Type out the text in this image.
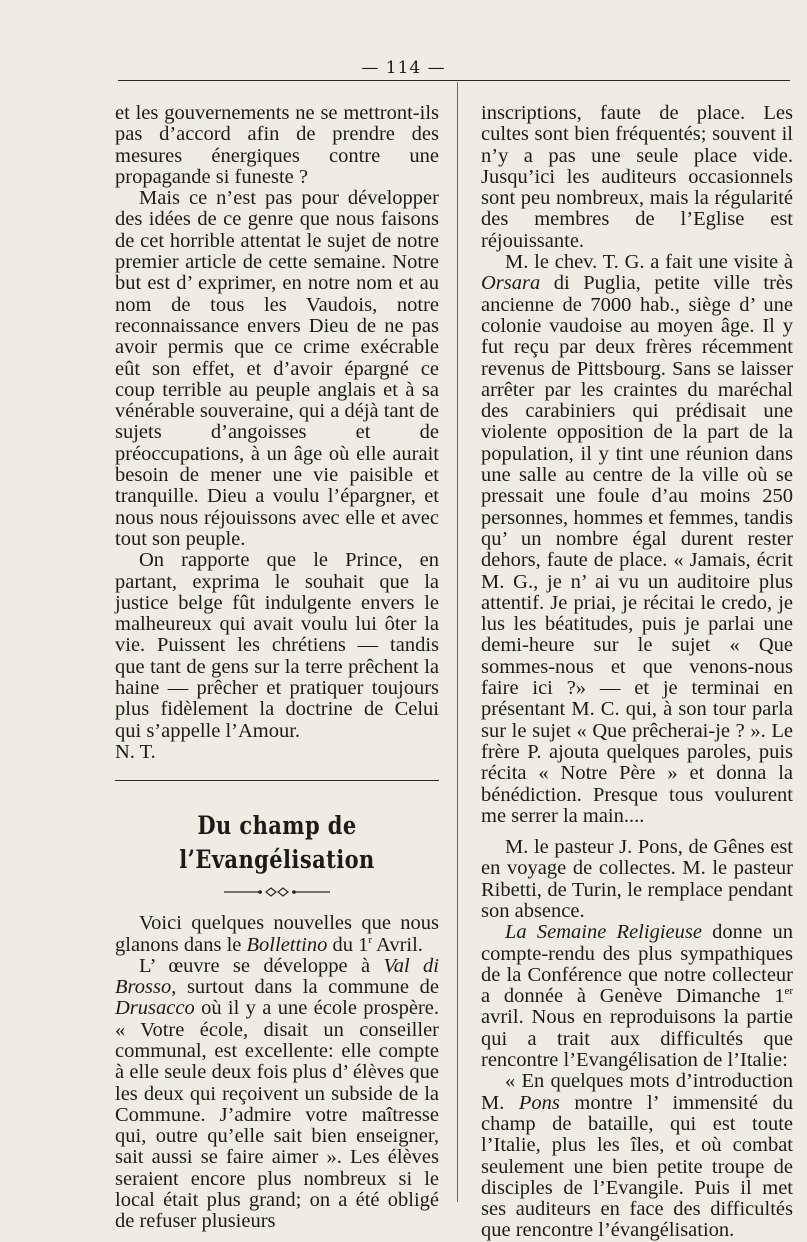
— 114 —

et les gouvernements ne se mettront-ils pas d’accord afin de prendre des mesures énergiques contre une propagande si funeste ?

Mais ce n’est pas pour développer des idées de ce genre que nous faisons de cet horrible attentat le sujet de notre premier article de cette semaine. Notre but est d’ exprimer, en notre nom et au nom de tous les Vaudois, notre reconnaissance envers Dieu de ne pas avoir permis que ce crime exécrable eût son effet, et d’avoir épargné ce coup terrible au peuple anglais et à sa vénérable souveraine, qui a déjà tant de sujets d’angoisses et de préoccupations, à un âge où elle aurait besoin de mener une vie paisible et tranquille. Dieu a voulu l’épargner, et nous nous réjouissons avec elle et avec tout son peuple.

On rapporte que le Prince, en partant, exprima le souhait que la justice belge fût indulgente envers le malheureux qui avait voulu lui ôter la vie. Puissent les chrétiens — tandis que tant de gens sur la terre prêchent la haine — prêcher et pratiquer toujours plus fidèlement la doctrine de Celui qui s’appelle l’Amour.

N. T.

Du champ de l’Evangélisation

Voici quelques nouvelles que nous glanons dans le Bollettino du 1$^r$ Avril.

L’ œuvre se développe à Val di Brosso, surtout dans la commune de Drusacco où il y a une école prospère. « Votre école, disait un conseiller communal, est excellente: elle compte à elle seule deux fois plus d’ élèves que les deux qui reçoivent un subside de la Commune. J’admire votre maîtresse qui, outre qu’elle sait bien enseigner, sait aussi se faire aimer ». Les élèves seraient encore plus nombreux si le local était plus grand; on a été obligé de refuser plusieurs

inscriptions, faute de place. Les cultes sont bien fréquentés; souvent il n’y a pas une seule place vide. Jusqu’ici les auditeurs occasionnels sont peu nombreux, mais la régularité des membres de l’Eglise est réjouissante.

M. le chev. T. G. a fait une visite à Orsara di Puglia, petite ville très ancienne de 7000 hab., siège d’ une colonie vaudoise au moyen âge. Il y fut reçu par deux frères récemment revenus de Pittsbourg. Sans se laisser arrêter par les craintes du maréchal des carabiniers qui prédisait une violente opposition de la part de la population, il y tint une réunion dans une salle au centre de la ville où se pressait une foule d’au moins 250 personnes, hommes et femmes, tandis qu’ un nombre égal durent rester dehors, faute de place. « Jamais, écrit M. G., je n’ ai vu un auditoire plus attentif. Je priai, je récitai le credo, je lus les béatitudes, puis je parlai une demi-heure sur le sujet « Que sommes-nous et que venons-nous faire ici ?» — et je terminai en présentant M. C. qui, à son tour parla sur le sujet « Que prêcherai-je ? ». Le frère P. ajouta quelques paroles, puis récita « Notre Père » et donna la bénédiction. Presque tous voulurent me serrer la main....

M. le pasteur J. Pons, de Gênes est en voyage de collectes. M. le pasteur Ribetti, de Turin, le remplace pendant son absence.

La Semaine Religieuse donne un compte-rendu des plus sympathiques de la Conférence que notre collecteur a donnée à Genève Dimanche 1er avril. Nous en reproduisons la partie qui a trait aux difficultés que rencontre l’Evangélisation de l’Italie:

« En quelques mots d’introduction M. Pons montre l’ immensité du champ de bataille, qui est toute l’Italie, plus les îles, et où combat seulement une bien petite troupe de disciples de l’Evangile. Puis il met ses auditeurs en face des difficultés que rencontre l’évangélisation.
